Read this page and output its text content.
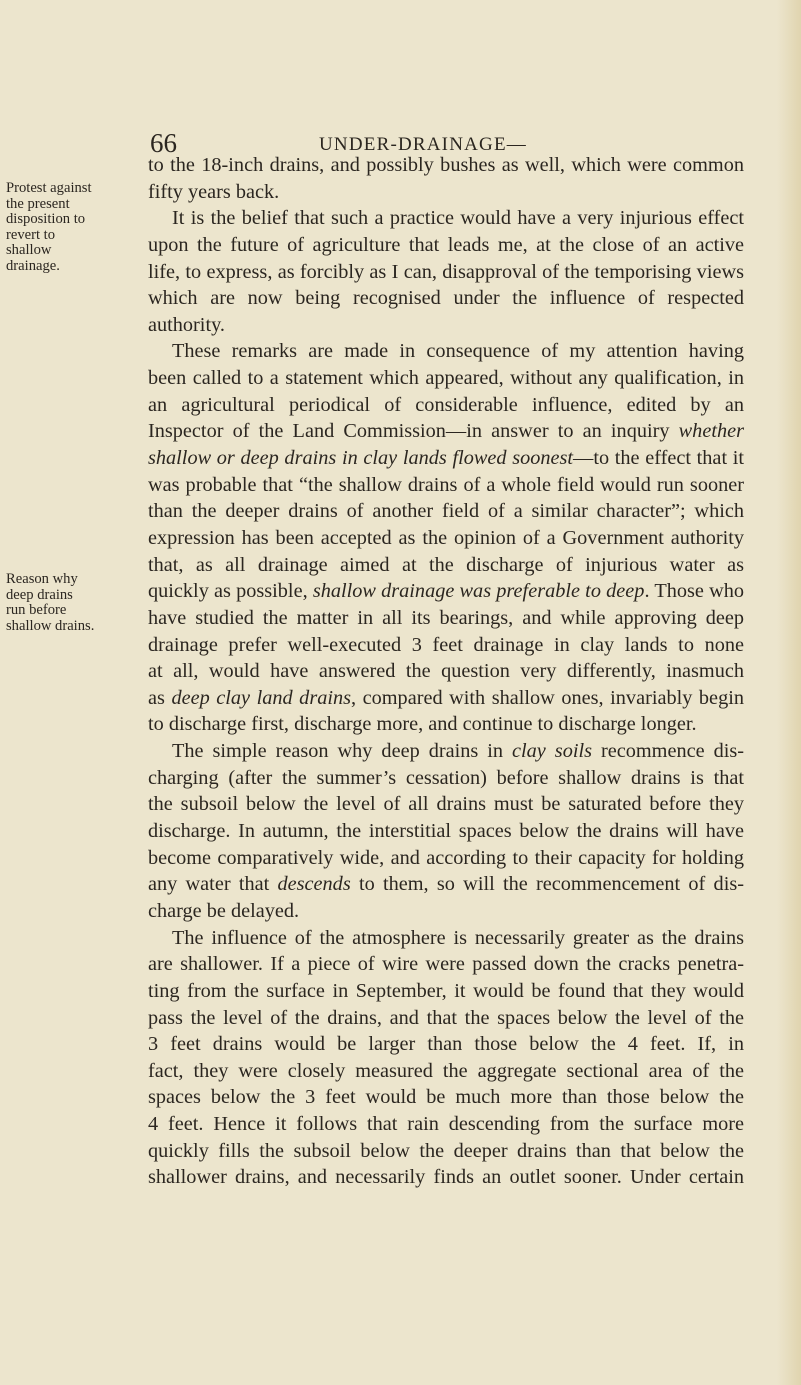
66	UNDER-DRAINAGE—
Protest against
the present
disposition to
revert to
shallow
drainage.
Reason why
deep drains
run before
shallow drains.
to the 18-inch drains, and possibly bushes as well, which were common
fifty years back.
It is the belief that such a practice would have a very injurious effect
upon the future of agriculture that leads me, at the close of an active
life, to express, as forcibly as I can, disapproval of the temporising views
which are now being recognised under the influence of respected
authority.
These remarks are made in consequence of my attention having
been called to a statement which appeared, without any qualification, in
an agricultural periodical of considerable influence, edited by an
Inspector of the Land Commission—in answer to an inquiry whether
shallow or deep drains in clay lands flowed soonest—to the effect that it
was probable that “the shallow drains of a whole field would run sooner
than the deeper drains of another field of a similar character”; which
expression has been accepted as the opinion of a Government authority
that, as all drainage aimed at the discharge of injurious water as
quickly as possible, shallow drainage was preferable to deep. Those who
have studied the matter in all its bearings, and while approving deep
drainage prefer well-executed 3 feet drainage in clay lands to none
at all, would have answered the question very differently, inasmuch
as deep clay land drains, compared with shallow ones, invariably begin
to discharge first, discharge more, and continue to discharge longer.
The simple reason why deep drains in clay soils recommence dis-
charging (after the summer’s cessation) before shallow drains is that
the subsoil below the level of all drains must be saturated before they
discharge. In autumn, the interstitial spaces below the drains will have
become comparatively wide, and according to their capacity for holding
any water that descends to them, so will the recommencement of dis-
charge be delayed.
The influence of the atmosphere is necessarily greater as the drains
are shallower. If a piece of wire were passed down the cracks penetra-
ting from the surface in September, it would be found that they would
pass the level of the drains, and that the spaces below the level of the
3 feet drains would be larger than those below the 4 feet. If, in
fact, they were closely measured the aggregate sectional area of the
spaces below the 3 feet would be much more than those below the
4 feet. Hence it follows that rain descending from the surface more
quickly fills the subsoil below the deeper drains than that below the
shallower drains, and necessarily finds an outlet sooner. Under certain
